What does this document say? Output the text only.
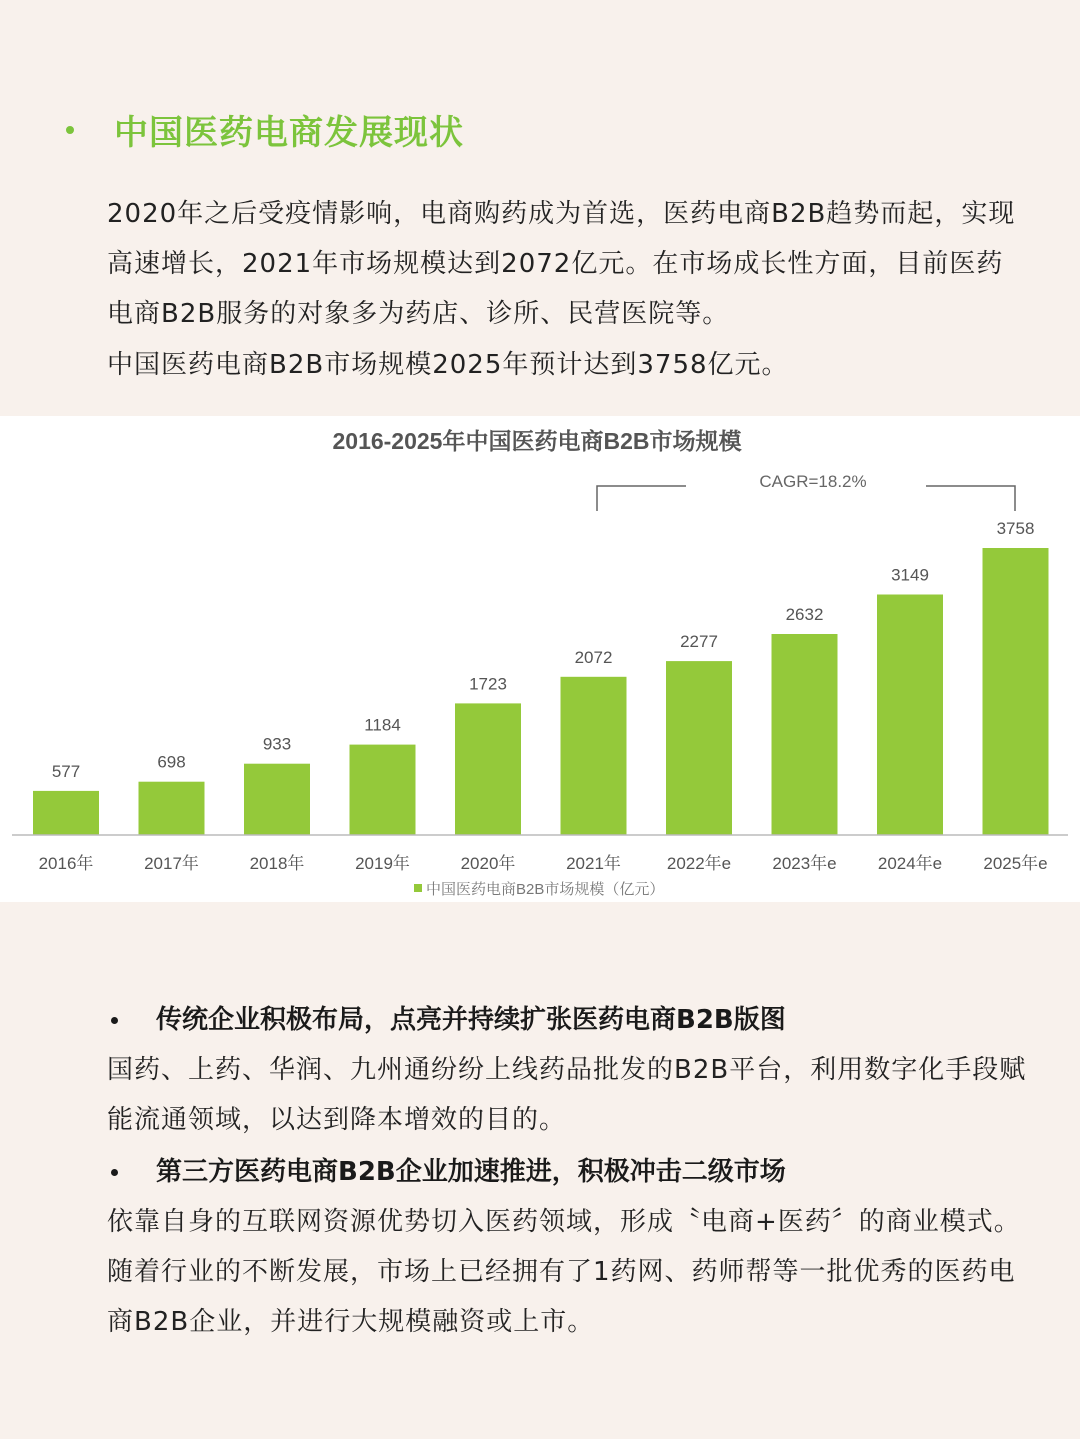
中国医药电商发展现状
2020年之后受疫情影响，电商购药成为首选，医药电商B2B趋势而起，实现高速增长，2021年市场规模达到2072亿元。在市场成长性方面，目前医药电商B2B服务的对象多为药店、诊所、民营医院等。
中国医药电商B2B市场规模2025年预计达到3758亿元。
2016-2025年中国医药电商B2B市场规模
CAGR=18.2%
577	698
933
1184
1723
2072
2277
2632
3149
3758
中国医药电商B2B市场规模（亿元）
2016年	2017年	2018年	2019年	2020年	2021年	2022年e 2023年e 2024年e 2025年e
传统企业积极布局，点亮并持续扩张医药电商B2B版图
国药、上药、华润、九州通纷纷上线药品批发的B2B平台，利用数字化手段赋能流通领域，以达到降本增效的目的。
第三方医药电商B2B企业加速推进，积极冲击二级市场
依靠自身的互联网资源优势切入医药领域，形成〝电商+医药〞的商业模式。随着行业的不断发展，市场上已经拥有了1药网、药师帮等一批优秀的医药电商B2B企业，并进行大规模融资或上市。
